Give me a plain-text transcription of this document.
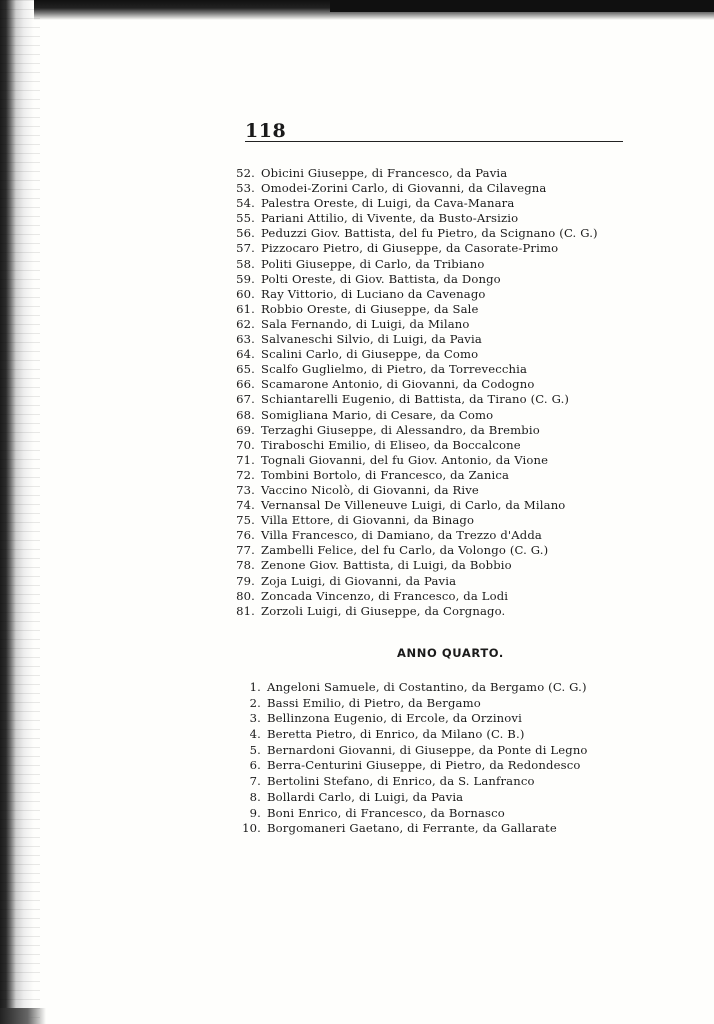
118
52. Obicini Giuseppe, di Francesco, da Pavia
53. Omodei-Zorini Carlo, di Giovanni, da Cilavegna
54. Palestra Oreste, di Luigi, da Cava-Manara
55. Pariani Attilio, di Vivente, da Busto-Arsizio
56. Peduzzi Giov. Battista, del fu Pietro, da Scignano (C. G.)
57. Pizzocaro Pietro, di Giuseppe, da Casorate-Primo
58. Politi Giuseppe, di Carlo, da Tribiano
59. Polti Oreste, di Giov. Battista, da Dongo
60. Ray Vittorio, di Luciano da Cavenago
61. Robbio Oreste, di Giuseppe, da Sale
62. Sala Fernando, di Luigi, da Milano
63. Salvaneschi Silvio, di Luigi, da Pavia
64. Scalini Carlo, di Giuseppe, da Como
65. Scalfo Guglielmo, di Pietro, da Torrevecchia
66. Scamarone Antonio, di Giovanni, da Codogno
67. Schiantarelli Eugenio, di Battista, da Tirano (C. G.)
68. Somigliana Mario, di Cesare, da Como
69. Terzaghi Giuseppe, di Alessandro, da Brembio
70. Tiraboschi Emilio, di Eliseo, da Boccalcone
71. Tognali Giovanni, del fu Giov. Antonio, da Vione
72. Tombini Bortolo, di Francesco, da Zanica
73. Vaccino Nicolò, di Giovanni, da Rive
74. Vernansal De Villeneuve Luigi, di Carlo, da Milano
75. Villa Ettore, di Giovanni, da Binago
76. Villa Francesco, di Damiano, da Trezzo d'Adda
77. Zambelli Felice, del fu Carlo, da Volongo (C. G.)
78. Zenone Giov. Battista, di Luigi, da Bobbio
79. Zoja Luigi, di Giovanni, da Pavia
80. Zoncada Vincenzo, di Francesco, da Lodi
81. Zorzoli Luigi, di Giuseppe, da Corgnago.
ANNO QUARTO.
1. Angeloni Samuele, di Costantino, da Bergamo (C. G.)
2. Bassi Emilio, di Pietro, da Bergamo
3. Bellinzona Eugenio, di Ercole, da Orzinovi
4. Beretta Pietro, di Enrico, da Milano (C. B.)
5. Bernardoni Giovanni, di Giuseppe, da Ponte di Legno
6. Berra-Centurini Giuseppe, di Pietro, da Redondesco
7. Bertolini Stefano, di Enrico, da S. Lanfranco
8. Bollardi Carlo, di Luigi, da Pavia
9. Boni Enrico, di Francesco, da Bornasco
10. Borgomaneri Gaetano, di Ferrante, da Gallarate
